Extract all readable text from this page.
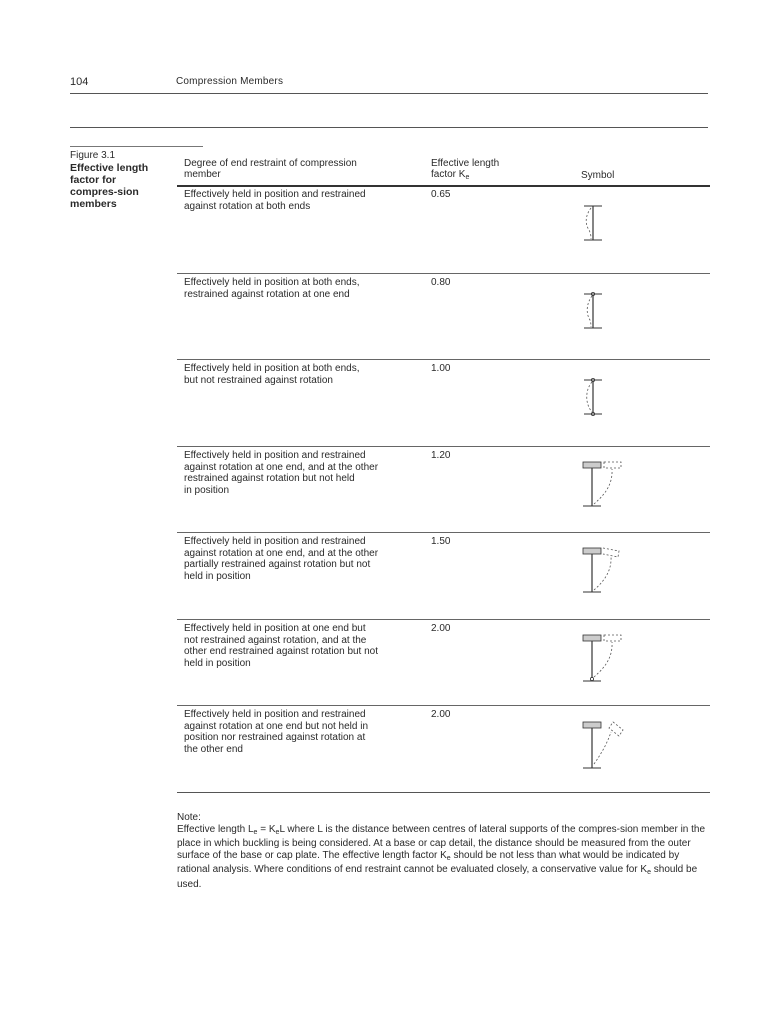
104	Compression Members
Figure 3.1
Effective length factor for compres-sion members
Degree of end restraint of compression member
Effective length
factor $K_e$	Symbol
Effectively held in position and restrained
against rotation at both ends
0.65
Effectively held in position at both ends,
restrained against rotation at one end
0.80
Effectively held in position at both ends,
but not restrained against rotation
1.00
Effectively held in position and restrained
against rotation at one end, and at the other
restrained against rotation but not held
in position
1.20
Effectively held in position and restrained
against rotation at one end, and at the other
partially restrained against rotation but not
held in position
1.50
Effectively held in position at one end but
not restrained against rotation, and at the
other end restrained against rotation but not
held in position
2.00
Effectively held in position and restrained
against rotation at one end but not held in
position nor restrained against rotation at
the other end
2.00

Note:

Effective length $L_e = K_eL$ where L is the distance between centres of lateral supports of the compres-sion member in the place in which buckling is being considered. At a base or cap detail, the distance should be measured from the outer surface of the base or cap plate. The effective length factor $K_e$ should be not less than what would be indicated by rational analysis. Where conditions of end restraint cannot be evaluated closely, a conservative value for $K_e$ should be used.
